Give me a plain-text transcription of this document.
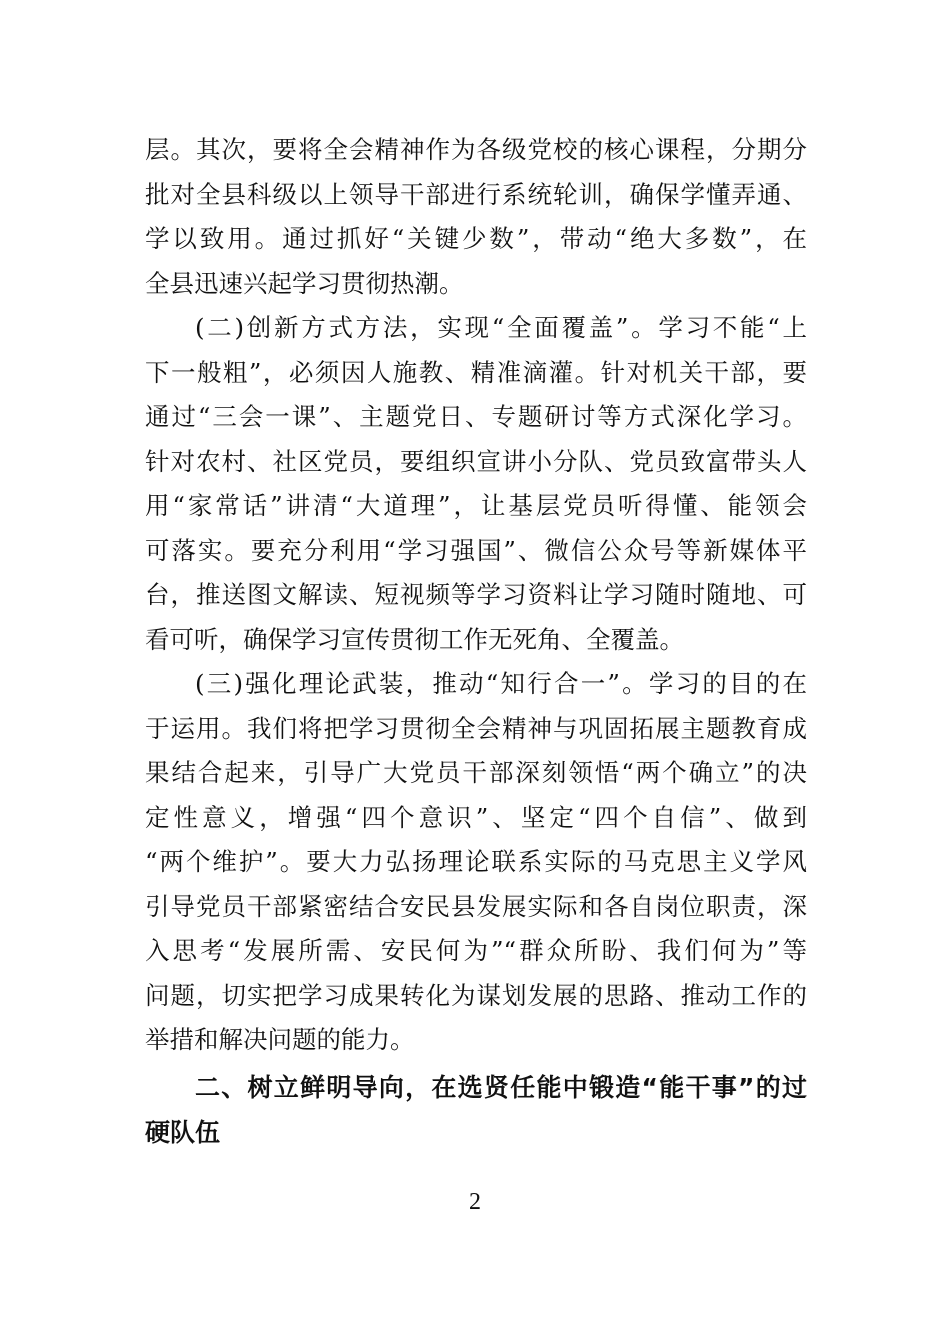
层。其次，要将全会精神作为各级党校的核心课程，分期分
批对全县科级以上领导干部进行系统轮训，确保学懂弄通、
学以致用。通过抓好“关键少数”，带动“绝大多数”，在
全县迅速兴起学习贯彻热潮。
(二)创新方式方法，实现“全面覆盖”。学习不能“上
下一般粗”，必须因人施教、精准滴灌。针对机关干部，要
通过“三会一课”、主题党日、专题研讨等方式深化学习。
针对农村、社区党员，要组织宣讲小分队、党员致富带头人
用“家常话”讲清“大道理”，让基层党员听得懂、能领会
可落实。要充分利用“学习强国”、微信公众号等新媒体平
台，推送图文解读、短视频等学习资料让学习随时随地、可
看可听，确保学习宣传贯彻工作无死角、全覆盖。
(三)强化理论武装，推动“知行合一”。学习的目的在
于运用。我们将把学习贯彻全会精神与巩固拓展主题教育成
果结合起来，引导广大党员干部深刻领悟“两个确立”的决
定性意义，增强“四个意识”、坚定“四个自信”、做到
“两个维护”。要大力弘扬理论联系实际的马克思主义学风
引导党员干部紧密结合安民县发展实际和各自岗位职责，深
入思考“发展所需、安民何为”“群众所盼、我们何为”等
问题，切实把学习成果转化为谋划发展的思路、推动工作的
举措和解决问题的能力。
二、树立鲜明导向，在选贤任能中锻造“能干事”的过
硬队伍
2
